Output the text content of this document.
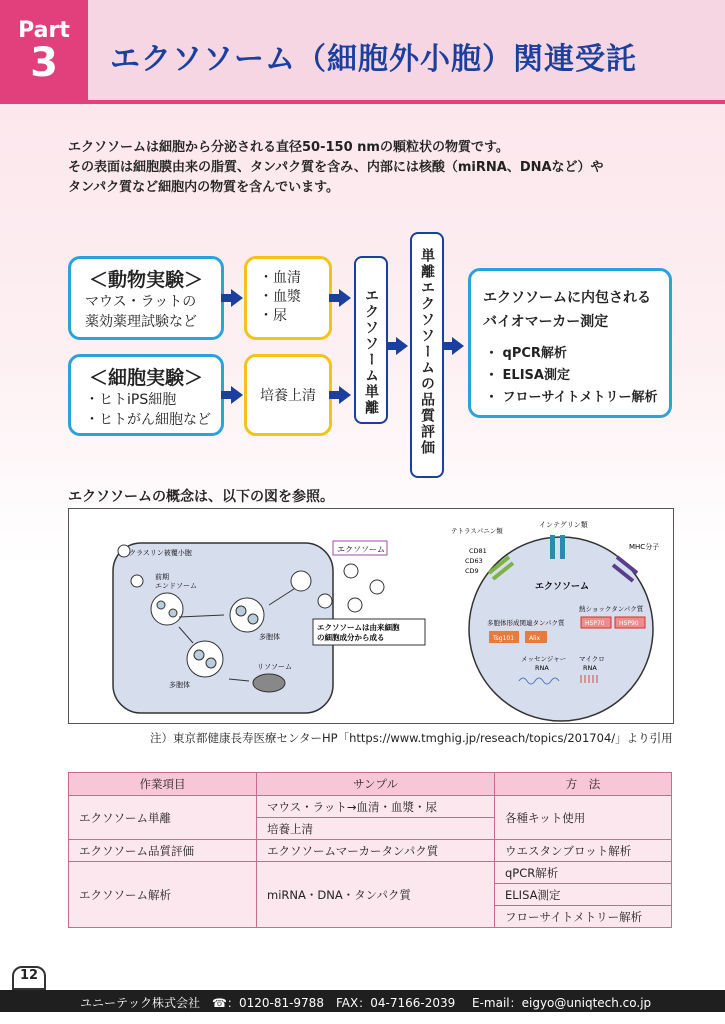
Part
3	エクソソーム（細胞外小胞）関連受託
エクソソームは細胞から分泌される直径50-150 nmの顆粒状の物質です。
その表面は細胞膜由来の脂質、タンパク質を含み、内部には核酸（miRNA、DNAなど）や
タンパク質など細胞内の物質を含んでいます。
＜動物実験＞
マウス・ラットの
薬効薬理試験など
＜細胞実験＞
・ヒトiPS細胞
・ヒトがん細胞など
・血清
・血漿
・尿
培養上清	エクソソーム単離	単離エクソソームの品質評価	エクソソームに内包される
バイオマーカー測定
・ qPCR解析
・ ELISA測定
・ フローサイトメトリー解析
エクソソームの概念は、以下の図を参照。
クラスリン被覆小胞
前期
エンドソーム
多胞体
多胞体
リソソーム
エクソソーム
エクソソームは由来細胞
の細胞成分から成る
インテグリン類
テトラスパニン類
CD81
CD63
CD9
MHC分子
エクソソーム
熱ショックタンパク質
HSP70 HSP90
多胞体形成関連タンパク質
Tsg101 Alix
メッセンジャー
RNA
マイクロ
RNA
注）東京都健康長寿医療センターHP「https://www.tmghig.jp/reseach/topics/201704/」より引用
作業項目	サンプル	方　法
エクソソーム単離	マウス・ラット→血清・血漿・尿	各種キット使用
	培養上清	
エクソソーム品質評価	エクソソームマーカータンパク質	ウエスタンブロット解析
エクソソーム解析	miRNA・DNA・タンパク質	qPCR解析
		ELISA測定
		フローサイトメトリー解析
12
ユニーテック株式会社 ☎：0120-81-9788 FAX：04-7166-2039 E-mail：eigyo@uniqtech.co.jp
